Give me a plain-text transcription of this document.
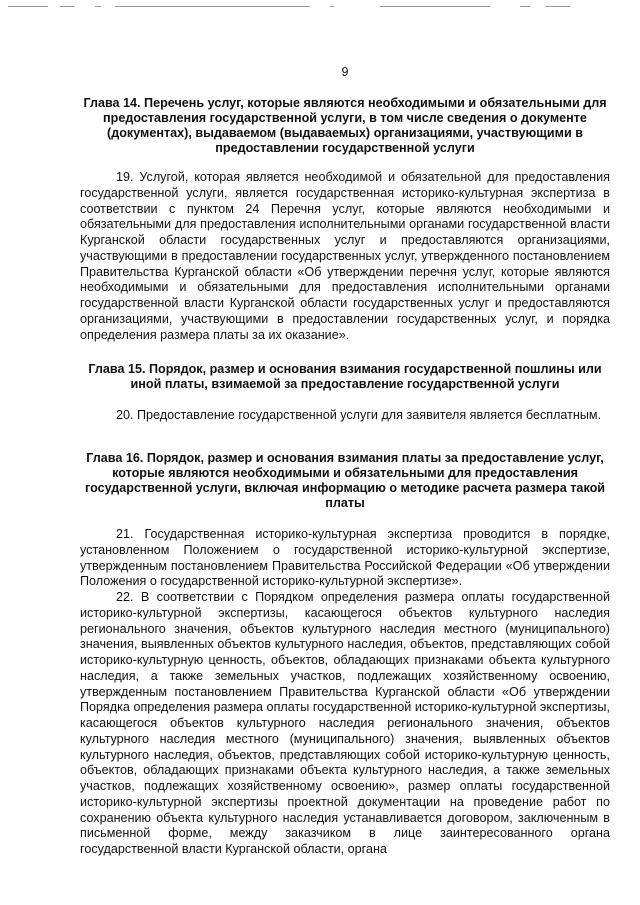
9
Глава 14. Перечень услуг, которые являются необходимыми и обязательными для предоставления государственной услуги, в том числе сведения о документе (документах), выдаваемом (выдаваемых) организациями, участвующими в предоставлении государственной услуги

19. Услугой, которая является необходимой и обязательной для предоставления государственной услуги, является государственная историко-культурная экспертиза в соответствии с пунктом 24 Перечня услуг, которые являются необходимыми и обязательными для предоставления исполнительными органами государственной власти Курганской области государственных услуг и предоставляются организациями, участвующими в предоставлении государственных услуг, утвержденного постановлением Правительства Курганской области «Об утверждении перечня услуг, которые являются необходимыми и обязательными для предоставления исполнительными органами государственной власти Курганской области государственных услуг и предоставляются организациями, участвующими в предоставлении государственных услуг, и порядка определения размера платы за их оказание».

Глава 15. Порядок, размер и основания взимания государственной пошлины или иной платы, взимаемой за предоставление государственной услуги

20. Предоставление государственной услуги для заявителя является бесплатным.

Глава 16. Порядок, размер и основания взимания платы за предоставление услуг, которые являются необходимыми и обязательными для предоставления государственной услуги, включая информацию о методике расчета размера такой платы

21. Государственная историко-культурная экспертиза проводится в порядке, установленном Положением о государственной историко-культурной экспертизе, утвержденным постановлением Правительства Российской Федерации «Об утверждении Положения о государственной историко-культурной экспертизе».

22. В соответствии с Порядком определения размера оплаты государственной историко-культурной экспертизы, касающегося объектов культурного наследия регионального значения, объектов культурного наследия местного (муниципального) значения, выявленных объектов культурного наследия, объектов, представляющих собой историко-культурную ценность, объектов, обладающих признаками объекта культурного наследия, а также земельных участков, подлежащих хозяйственному освоению, утвержденным постановлением Правительства Курганской области «Об утверждении Порядка определения размера оплаты государственной историко-культурной экспертизы, касающегося объектов культурного наследия регионального значения, объектов культурного наследия местного (муниципального) значения, выявленных объектов культурного наследия, объектов, представляющих собой историко-культурную ценность, объектов, обладающих признаками объекта культурного наследия, а также земельных участков, подлежащих хозяйственному освоению», размер оплаты государственной историко-культурной экспертизы проектной документации на проведение работ по сохранению объекта культурного наследия устанавливается договором, заключенным в письменной форме, между заказчиком в лице заинтересованного органа государственной власти Курганской области, органа
